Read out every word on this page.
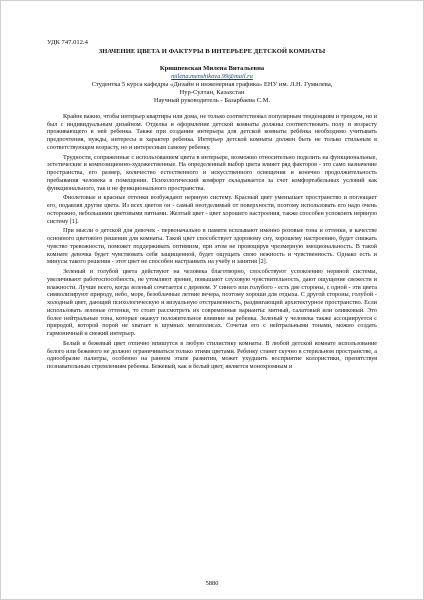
УДК 747.012.4
ЗНАЧЕНИЕ ЦВЕТА И ФАКТУРЫ В ИНТЕРЬЕРЕ ДЕТСКОЙ КОМНАТЫ
Кришпевская Милена Витальевна
milena.menshikova.99@mail.ru
Студентка 5 курса кафедры «Дизайн и инженерная графика» ЕНУ им. Л.Н. Гумилева,
Нур-Султан, Казахстан
Научный руководитель - Базарбаева С.М.

Крайне важно, чтобы интерьер квартиры или дома, не только соответствовал популярным тенденциям и трендом, но и был с индивидуальным дизайном. Отделка и оформление детской комнаты должны соответствовать полу и возрасту проживающего в ней ребенка. Также при создании интерьера для детской комнаты ребёнка необходимо учитывать предпочтения, нужды, интересы и характер ребенка. Интерьер детской комнаты должен быть не только стильным в соответствующем возрасту, но и интересным самому ребенку.

Трудности, сопряженные с использованием цвета в интерьере, возможно относительно поделить на функциональные, эстетические и композиционно-художественные. На определенный выбор цвета влияет ряд факторов - это само назначение пространства, его размер, количество естественного и искусственного освещения и конечно продолжительность пребывания человека в помещении. Психологический комфорт складывается за счет комфортабельных условий как функционального, так и не функционального пространства.

Фиолетовые и красные оттенки возбуждают нервную систему. Красный цвет уменьшает пространство и поглощает его, подавляя другие цвета. Из всех цветов он - самый неотделимый от поверхности, поэтому использовать его надо очень осторожно, небольшими цветовыми пятнами. Желтый цвет - цвет хорошего настроения, также способен успокоить нервную систему [1].

При мысли о детской для девочек - первоначально в памяти всплывают именно розовые тона и оттенки, в качестве основного цветового решения для комнаты. Такой цвет способствует здоровому сну, хорошему настроению, будет снижать чувство тревожности, поможет поддерживать оптимизм, при этом не провоцируя чрезмерную эмоциональность. В такой комнате девочка будет чувствовать себя защищенной, будет ощущать свою нежность и чувственность. Однако есть и минусы такого решения - этот цвет не способен настраивать на учебу и занятия [2].

Зеленый и голубой цвета действуют на человека благотворно, способствуют успокоению нервной системы, увеличивают работоспособность, не утомляют зрение, повышают слуховую чувствительность, дают ощущение свежести и влажности. Лучше всего, когда зеленый сочетается с деревом. У синего или голубого - есть две стороны, с одной - эти цвета символизируют природу, небо, море, безоблачные летние вечера, поэтому хороши для отдыха. С другой стороны, голубой - холодный цвет, дающий психологическую и визуальную отстраненность, раздвигающий архитектурное пространство. Если использовать зеленые оттенки, то стоит рассмотреть их современные варианты: мятный, салатовый или оливковый. Это более нейтральные тона, которые окажут положительное влияние на ребенка. Зеленый у человека также ассоциируется с природой, которой порой не хватает в шумных мегаполисах. Сочетая его с нейтральными тонами, можно создать гармоничный и свежий интерьер.

Белый и бежевый цвет отлично впишутся в любую стилистику комнаты. В любой детской комнате использование белого или бежевого не должно ограничиваться только этими цветами. Ребенку станет скучно в стерильном пространстве, а однообразие палитры, особенно на раннем этапе развития, может ухудшить восприятие колористики, препятствуя познавательным стремлениям ребенка. Бежевый, как и белый цвет, является монохромным и

5880
